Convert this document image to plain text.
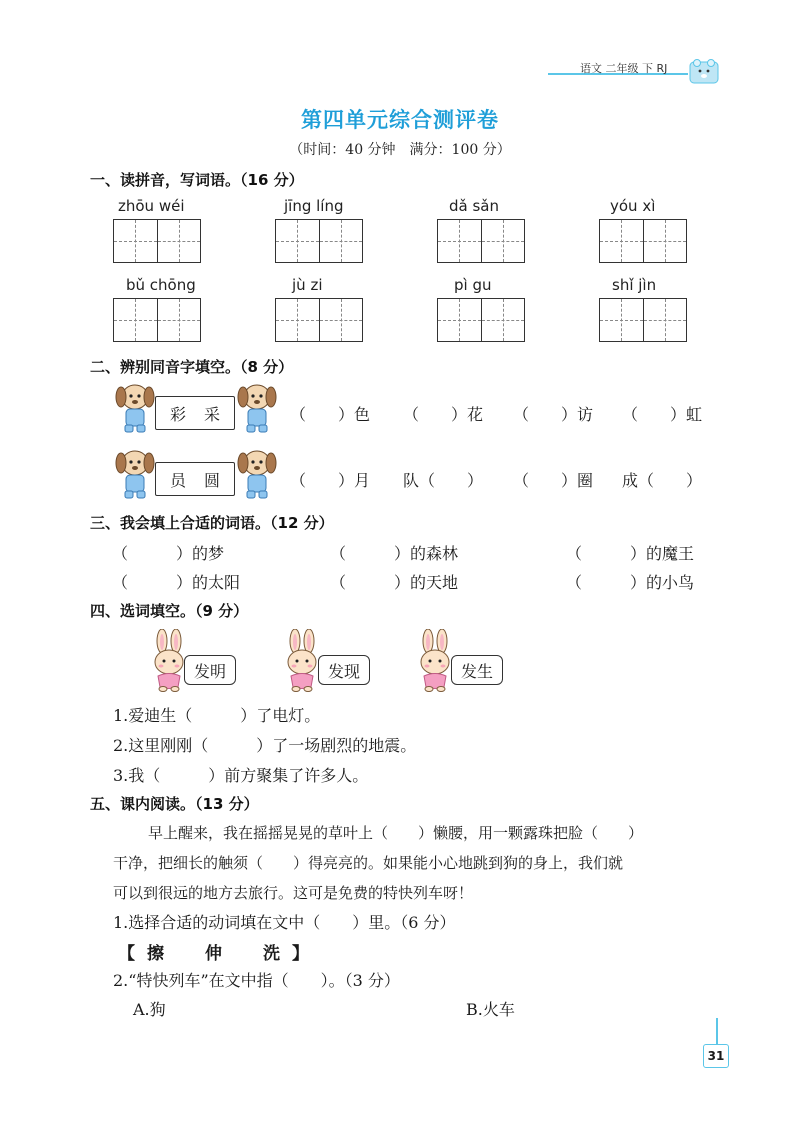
语文 二年级 下 RJ
第四单元综合测评卷
（时间：40 分钟　满分：100 分）
一、读拼音，写词语。（16 分）
zhōu wéi	jīng líng	dǎ sǎn	yóu xì
bǔ chōng	jù zi	pì gu	shǐ jìn
二、辨别同音字填空。（8 分）
彩 采	（　　）色 （　　）花 （　　）访 （　　）虹
员 圆	（　　）月 队（　　） （　　）圈 成（　　）
三、我会填上合适的词语。（12 分）
（　　　）的梦	（　　　）的森林	（　　　）的魔王
（　　　）的太阳	（　　　）的天地	（　　　）的小鸟
四、选词填空。（9 分）
发明	发现	发生
1.爱迪生（　　　）了电灯。
2.这里刚刚（　　　）了一场剧烈的地震。
3.我（　　　）前方聚集了许多人。
五、课内阅读。（13 分）
早上醒来，我在摇摇晃晃的草叶上（　　）懒腰，用一颗露珠把脸（　　）
干净，把细长的触须（　　）得亮亮的。如果能小心地跳到狗的身上，我们就
可以到很远的地方去旅行。这可是免费的特快列车呀！
1.选择合适的动词填在文中（　　）里。（6 分）
【擦　伸　洗】
2.“特快列车”在文中指（　　）。（3 分）
A.狗	B.火车
31
